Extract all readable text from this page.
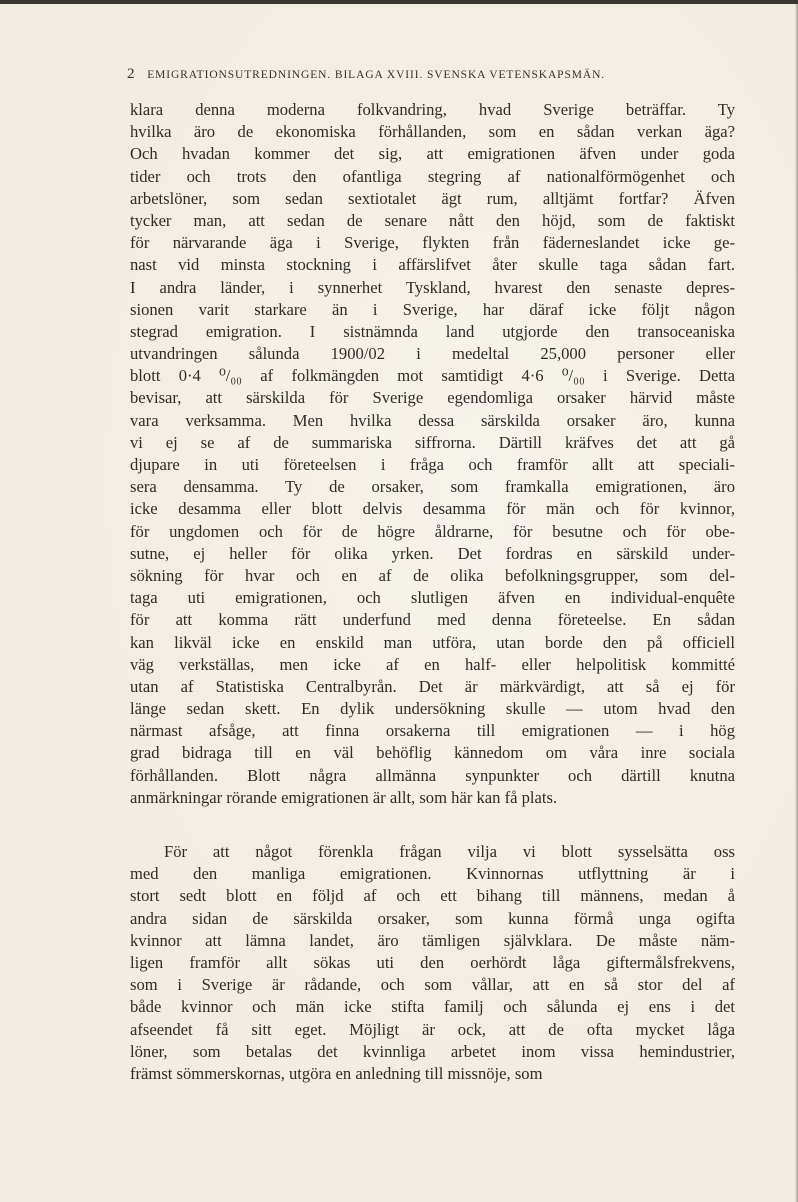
2 EMIGRATIONSUTREDNINGEN. BILAGA XVIII. SVENSKA VETENSKAPSMÄN.
klara denna moderna folkvandring, hvad Sverige beträffar. Ty
hvilka äro de ekonomiska förhållanden, som en sådan verkan äga?
Och hvadan kommer det sig, att emigrationen äfven under goda
tider och trots den ofantliga stegring af nationalförmögenhet och
arbetslöner, som sedan sextiotalet ägt rum, alltjämt fortfar? Äfven
tycker man, att sedan de senare nått den höjd, som de faktiskt
för närvarande äga i Sverige, flykten från fäderneslandet icke ge-
nast vid minsta stockning i affärslifvet åter skulle taga sådan fart.
I andra länder, i synnerhet Tyskland, hvarest den senaste depres-
sionen varit starkare än i Sverige, har däraf icke följt någon
stegrad emigration. I sistnämnda land utgjorde den transoceaniska
utvandringen sålunda 1900/02 i medeltal 25,000 personer eller
blott 0·4 ⁰/₀₀ af folkmängden mot samtidigt 4·6 ⁰/₀₀ i Sverige. Detta
bevisar, att särskilda för Sverige egendomliga orsaker härvid måste
vara verksamma. Men hvilka dessa särskilda orsaker äro, kunna
vi ej se af de summariska siffrorna. Därtill kräfves det att gå
djupare in uti företeelsen i fråga och framför allt att speciali-
sera densamma. Ty de orsaker, som framkalla emigrationen, äro
icke desamma eller blott delvis desamma för män och för kvinnor,
för ungdomen och för de högre åldrarne, för besutne och för obe-
sutne, ej heller för olika yrken. Det fordras en särskild under-
sökning för hvar och en af de olika befolkningsgrupper, som del-
taga uti emigrationen, och slutligen äfven en individual-enquête
för att komma rätt underfund med denna företeelse. En sådan
kan likväl icke en enskild man utföra, utan borde den på officiell
väg verkställas, men icke af en half- eller helpolitisk kommitté
utan af Statistiska Centralbyrån. Det är märkvärdigt, att så ej för
länge sedan skett. En dylik undersökning skulle — utom hvad den
närmast afsåge, att finna orsakerna till emigrationen — i hög
grad bidraga till en väl behöflig kännedom om våra inre sociala
förhållanden. Blott några allmänna synpunkter och därtill knutna
anmärkningar rörande emigrationen är allt, som här kan få plats.
För att något förenkla frågan vilja vi blott sysselsätta oss
med den manliga emigrationen. Kvinnornas utflyttning är i
stort sedt blott en följd af och ett bihang till männens, medan å
andra sidan de särskilda orsaker, som kunna förmå unga ogifta
kvinnor att lämna landet, äro tämligen självklara. De måste näm-
ligen framför allt sökas uti den oerhördt låga giftermålsfrekvens,
som i Sverige är rådande, och som vållar, att en så stor del af
både kvinnor och män icke stifta familj och sålunda ej ens i det
afseendet få sitt eget. Möjligt är ock, att de ofta mycket låga
löner, som betalas det kvinnliga arbetet inom vissa hemindustrier,
främst sömmerskornas, utgöra en anledning till missnöje, som
